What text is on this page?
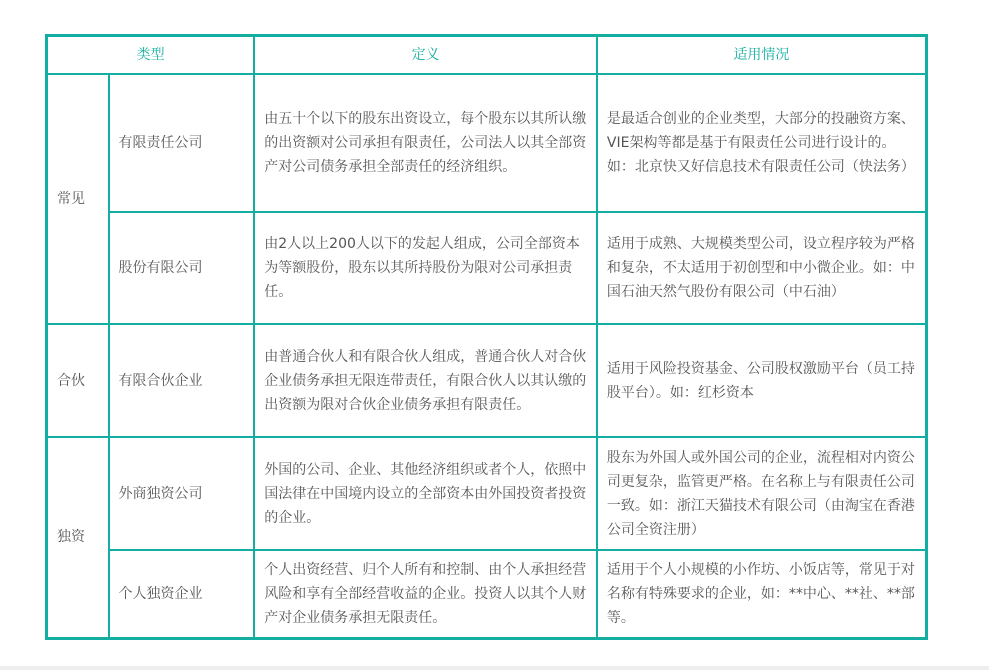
类型		定义	适用情况
常见	有限责任公司	由五十个以下的股东出资设立，每个股东以其所认缴的出资额对公司承担有限责任，公司法人以其全部资产对公司债务承担全部责任的经济组织。	是最适合创业的企业类型，大部分的投融资方案、VIE架构等都是基于有限责任公司进行设计的。
如：北京快又好信息技术有限责任公司（快法务）

	股份有限公司	由2人以上200人以下的发起人组成，公司全部资本为等额股份，股东以其所持股份为限对公司承担责任。	适用于成熟、大规模类型公司，设立程序较为严格和复杂，不太适用于初创型和中小微企业。如：中国石油天然气股份有限公司（中石油）
合伙	有限合伙企业	由普通合伙人和有限合伙人组成，普通合伙人对合伙企业债务承担无限连带责任，有限合伙人以其认缴的出资额为限对合伙企业债务承担有限责任。	适用于风险投资基金、公司股权激励平台（员工持股平台）。如：红杉资本
独资	外商独资公司	外国的公司、企业、其他经济组织或者个人，依照中国法律在中国境内设立的全部资本由外国投资者投资的企业。	股东为外国人或外国公司的企业，流程相对内资公司更复杂，监管更严格。在名称上与有限责任公司一致。如：浙江天猫技术有限公司（由淘宝在香港公司全资注册）
	个人独资企业	个人出资经营、归个人所有和控制、由个人承担经营风险和享有全部经营收益的企业。投资人以其个人财产对企业债务承担无限责任。	适用于个人小规模的小作坊、小饭店等，常见于对名称有特殊要求的企业，如：**中心、**社、**部等。
